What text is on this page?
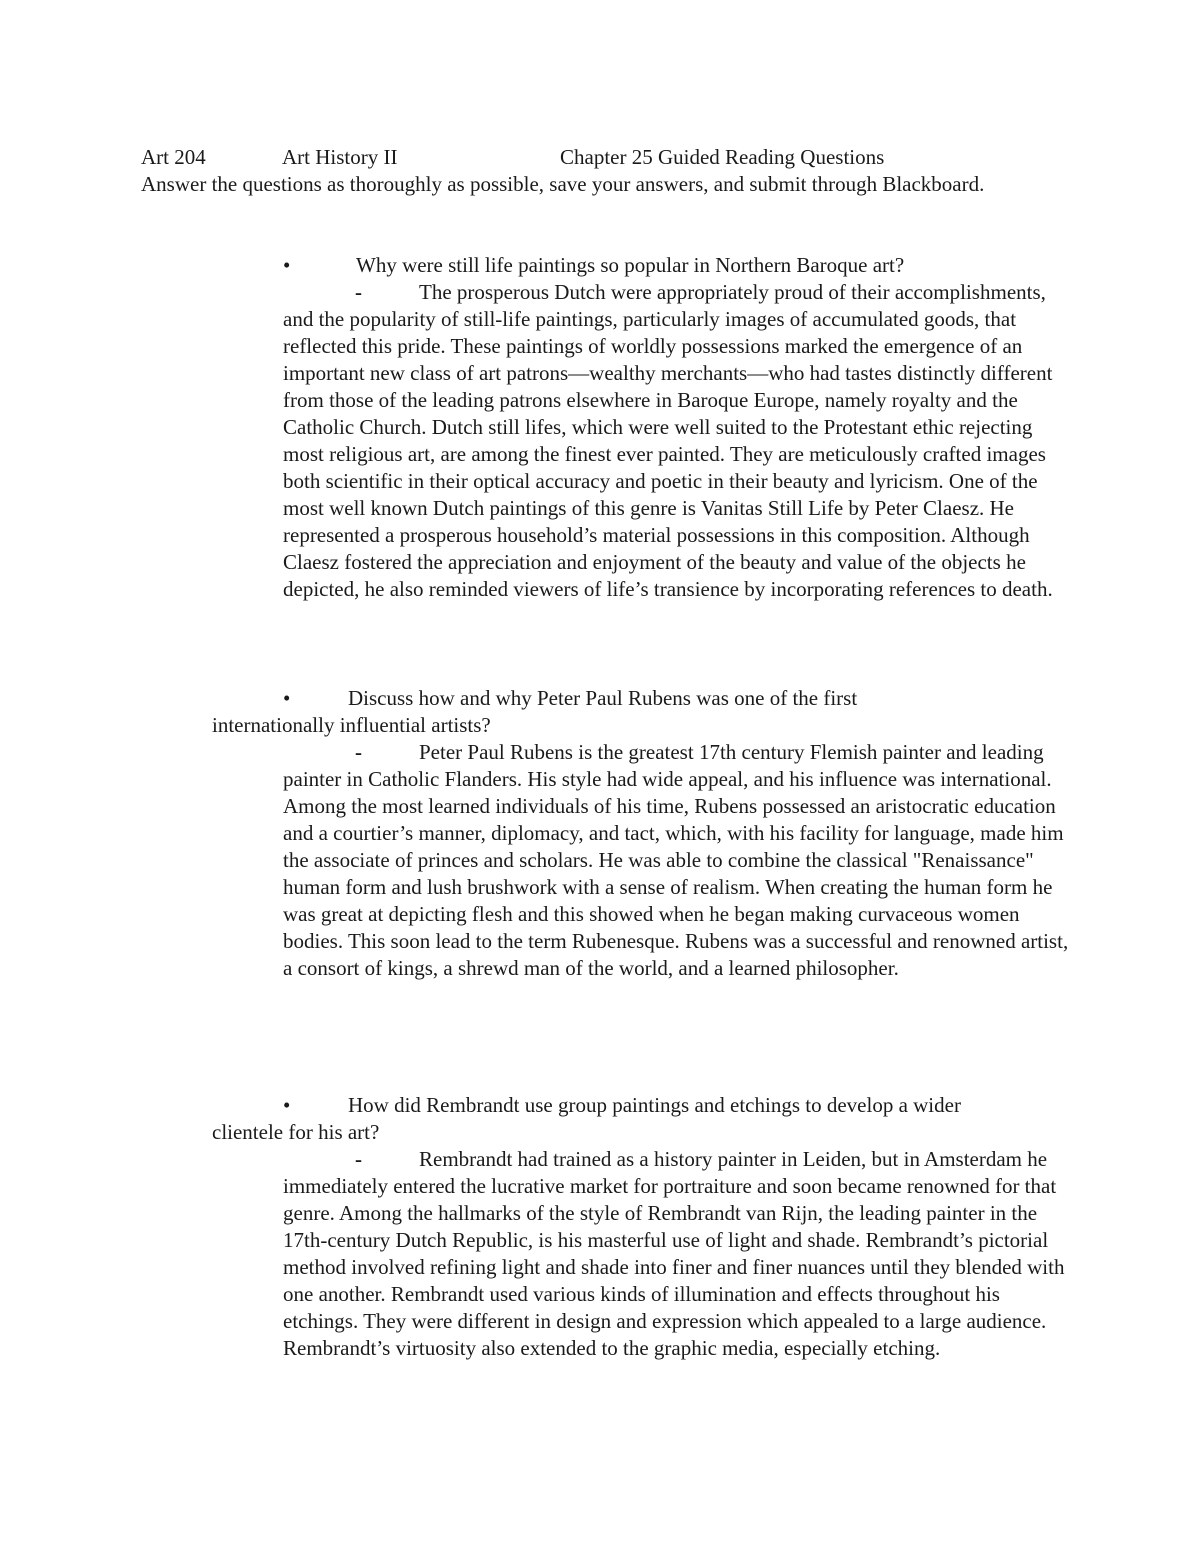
Art 204	Art History II	Chapter 25 Guided Reading Questions
Answer the questions as thoroughly as possible, save your answers, and submit through Blackboard.
•	Why were still life paintings so popular in Northern Baroque art?
-	The prosperous Dutch were appropriately proud of their accomplishments, and the popularity of still-life paintings, particularly images of accumulated goods, that reflected this pride. These paintings of worldly possessions marked the emergence of an important new class of art patrons—wealthy merchants—who had tastes distinctly different from those of the leading patrons elsewhere in Baroque Europe, namely royalty and the Catholic Church. Dutch still lifes, which were well suited to the Protestant ethic rejecting most religious art, are among the finest ever painted. They are meticulously crafted images both scientific in their optical accuracy and poetic in their beauty and lyricism. One of the most well known Dutch paintings of this genre is Vanitas Still Life by Peter Claesz. He represented a prosperous household’s material possessions in this composition. Although Claesz fostered the appreciation and enjoyment of the beauty and value of the objects he depicted, he also reminded viewers of life’s transience by incorporating references to death.
•	Discuss how and why Peter Paul Rubens was one of the first internationally influential artists?
-	Peter Paul Rubens is the greatest 17th century Flemish painter and leading painter in Catholic Flanders. His style had wide appeal, and his influence was international. Among the most learned individuals of his time, Rubens possessed an aristocratic education and a courtier’s manner, diplomacy, and tact, which, with his facility for language, made him the associate of princes and scholars. He was able to combine the classical "Renaissance" human form and lush brushwork with a sense of realism. When creating the human form he was great at depicting flesh and this showed when he began making curvaceous women bodies. This soon lead to the term Rubenesque. Rubens was a successful and renowned artist, a consort of kings, a shrewd man of the world, and a learned philosopher.
•	How did Rembrandt use group paintings and etchings to develop a wider clientele for his art?
-	Rembrandt had trained as a history painter in Leiden, but in Amsterdam he immediately entered the lucrative market for portraiture and soon became renowned for that genre. Among the hallmarks of the style of Rembrandt van Rijn, the leading painter in the 17th-century Dutch Republic, is his masterful use of light and shade. Rembrandt’s pictorial method involved refining light and shade into finer and finer nuances until they blended with one another. Rembrandt used various kinds of illumination and effects throughout his etchings. They were different in design and expression which appealed to a large audience. Rembrandt’s virtuosity also extended to the graphic media, especially etching.
